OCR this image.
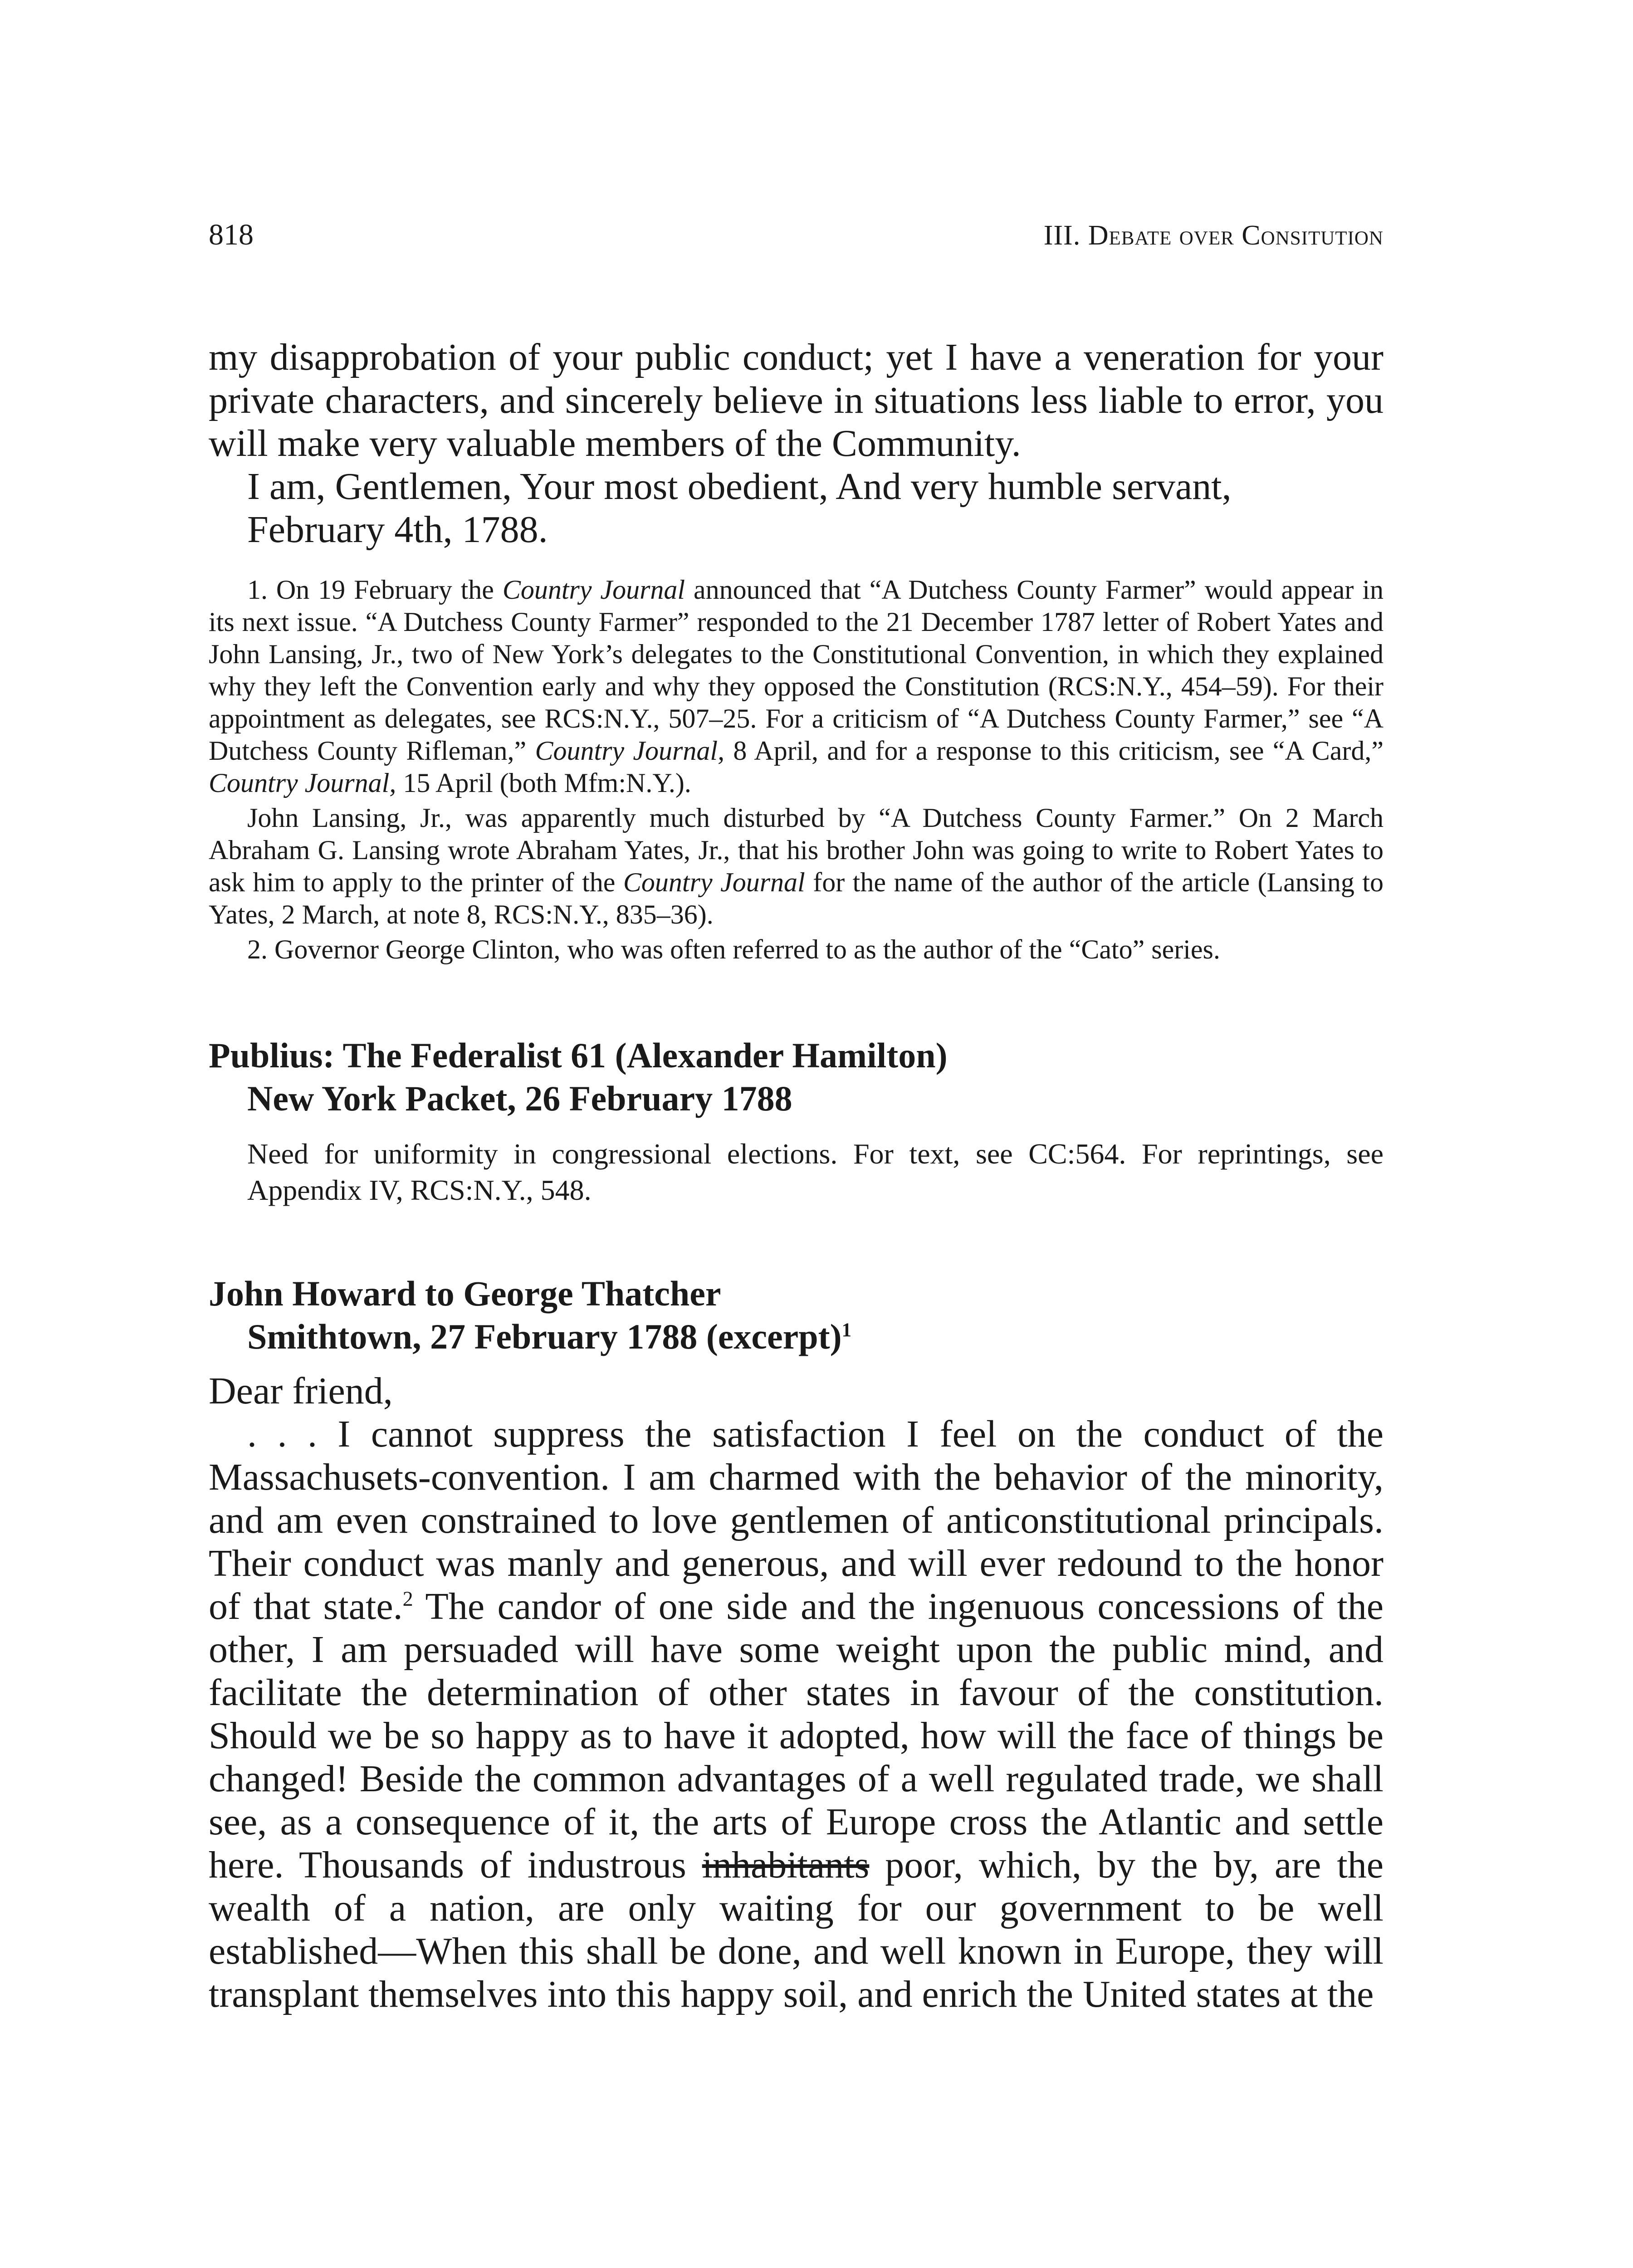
818	III. Debate over Consitution

my disapprobation of your public conduct; yet I have a veneration for your private characters, and sincerely believe in situations less liable to error, you will make very valuable members of the Community.

I am, Gentlemen, Your most obedient, And very humble servant,

February 4th, 1788.

1. On 19 February the Country Journal announced that “A Dutchess County Farmer” would appear in its next issue. “A Dutchess County Farmer” responded to the 21 December 1787 letter of Robert Yates and John Lansing, Jr., two of New York’s delegates to the Constitutional Convention, in which they explained why they left the Convention early and why they opposed the Constitution (RCS:N.Y., 454–59). For their appointment as delegates, see RCS:N.Y., 507–25. For a criticism of “A Dutchess County Farmer,” see “A Dutchess County Rifleman,” Country Journal, 8 April, and for a response to this criticism, see “A Card,” Country Journal, 15 April (both Mfm:N.Y.).

John Lansing, Jr., was apparently much disturbed by “A Dutchess County Farmer.” On 2 March Abraham G. Lansing wrote Abraham Yates, Jr., that his brother John was going to write to Robert Yates to ask him to apply to the printer of the Country Journal for the name of the author of the article (Lansing to Yates, 2 March, at note 8, RCS:N.Y., 835–36).

2. Governor George Clinton, who was often referred to as the author of the “Cato” series.

Publius: The Federalist 61 (Alexander Hamilton)
New York Packet, 26 February 1788

Need for uniformity in congressional elections. For text, see CC:564. For reprintings, see Appendix IV, RCS:N.Y., 548.

John Howard to George Thatcher
Smithtown, 27 February 1788 (excerpt)$^1$

Dear friend,

. . . I cannot suppress the satisfaction I feel on the conduct of the Massachusets-convention. I am charmed with the behavior of the minority, and am even constrained to love gentlemen of anticonstitutional principals. Their conduct was manly and generous, and will ever redound to the honor of that state.$^2$ The candor of one side and the ingenuous concessions of the other, I am persuaded will have some weight upon the public mind, and facilitate the determination of other states in favour of the constitution. Should we be so happy as to have it adopted, how will the face of things be changed! Beside the common advantages of a well regulated trade, we shall see, as a consequence of it, the arts of Europe cross the Atlantic and settle here. Thousands of industrous inhabitants poor, which, by the by, are the wealth of a nation, are only waiting for our government to be well established—When this shall be done, and well known in Europe, they will transplant themselves into this happy soil, and enrich the United states at the
